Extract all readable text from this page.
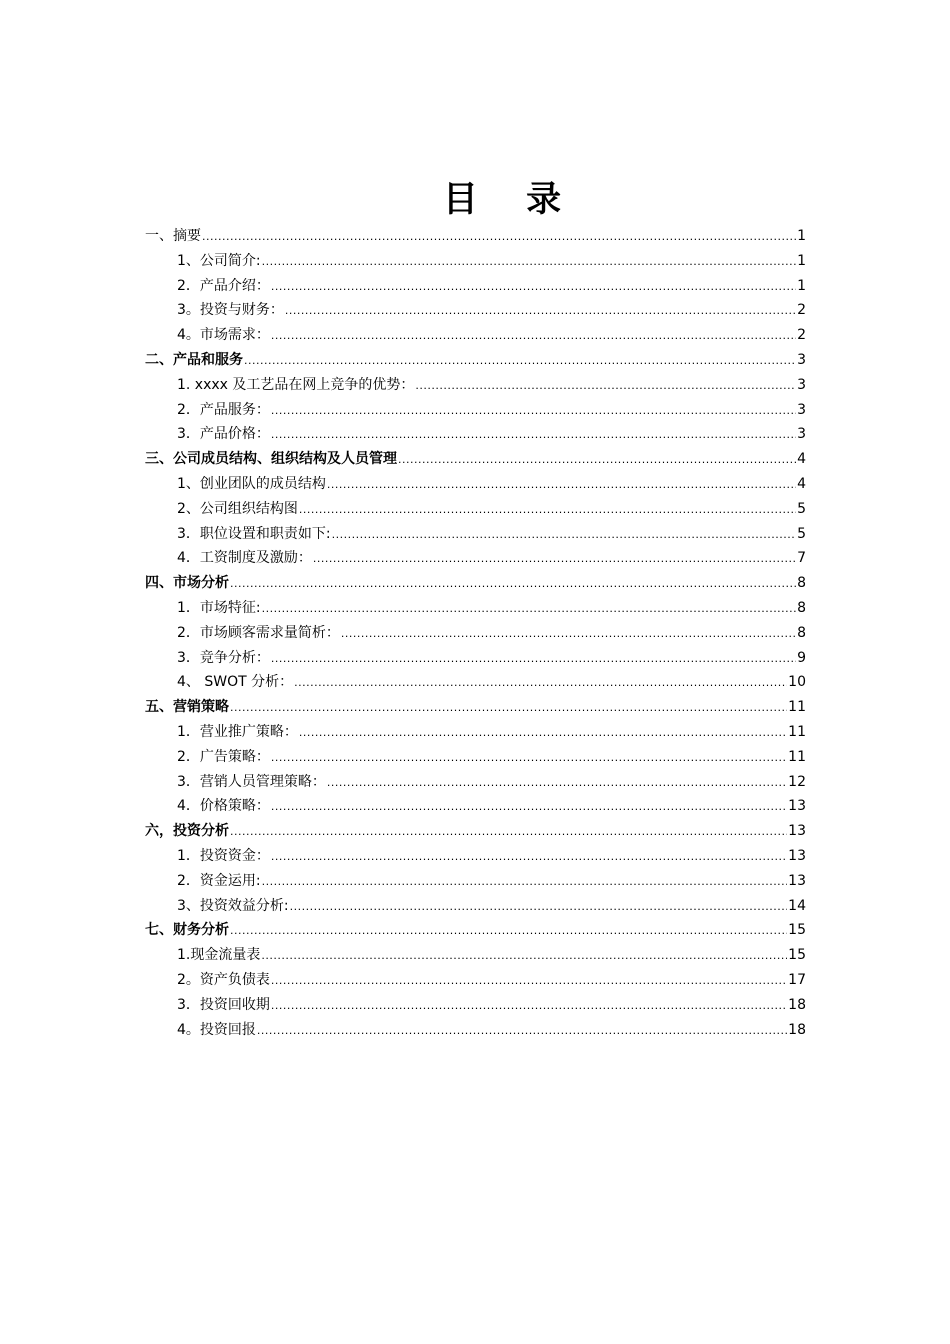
目 录
一、摘要 .....	1
1、公司简介: .....	1
2．产品介绍： .....	1
3。投资与财务： .....	2
4。市场需求： .....	2
二、产品和服务 .....	3
1. xxxx 及工艺品在网上竞争的优势： .....	3
2．产品服务： .....	3
3．产品价格： .....	3
三、公司成员结构、组织结构及人员管理 .....	4
1、创业团队的成员结构 .....	4
2、公司组织结构图 .....	5
3．职位设置和职责如下: .....	5
4．工资制度及激励： .....	7
四、市场分析 .....	8
1．市场特征: .....	8
2．市场顾客需求量简析： .....	8
3．竞争分析： .....	9
4、 SWOT 分析： .....	10
五、营销策略 .....	11
1．营业推广策略： .....	11
2．广告策略： .....	11
3．营销人员管理策略： .....	12
4．价格策略： .....	13
六，投资分析 .....	13
1．投资资金： .....	13
2．资金运用: .....	13
3、投资效益分析: .....	14
七、财务分析 .....	15
1.现金流量表 .....	15
2。资产负债表 .....	17
3．投资回收期 .....	18
4。投资回报 .....	18
